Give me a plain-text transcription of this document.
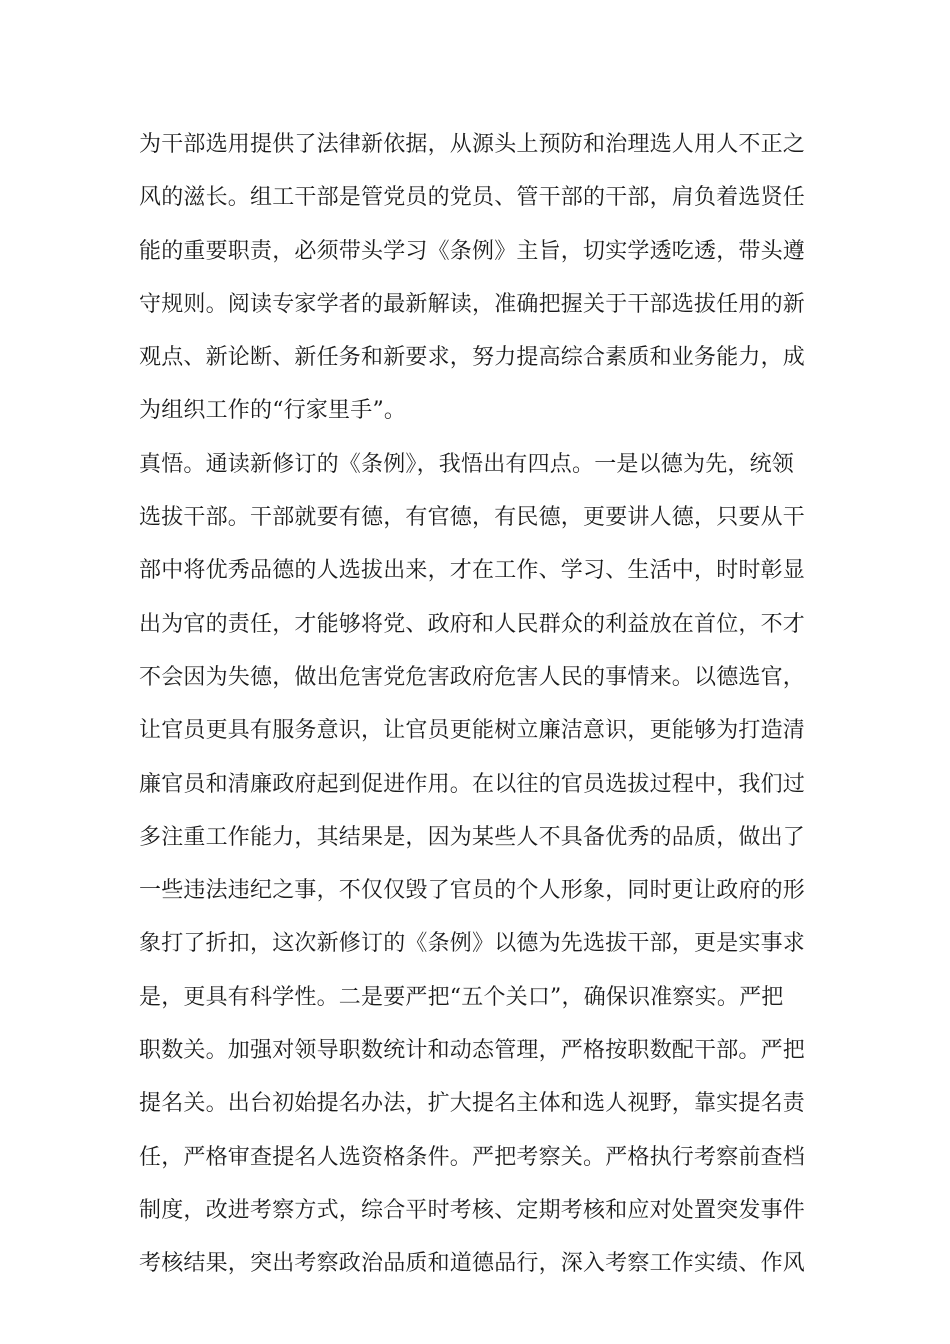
为干部选用提供了法律新依据，从源头上预防和治理选人用人不正之
风的滋长。组工干部是管党员的党员、管干部的干部，肩负着选贤任
能的重要职责，必须带头学习《条例》主旨，切实学透吃透，带头遵
守规则。阅读专家学者的最新解读，准确把握关于干部选拔任用的新
观点、新论断、新任务和新要求，努力提高综合素质和业务能力，成
为组织工作的“行家里手”。
真悟。通读新修订的《条例》，我悟出有四点。一是以德为先，统领
选拔干部。干部就要有德，有官德，有民德，更要讲人德，只要从干
部中将优秀品德的人选拔出来，才在工作、学习、生活中，时时彰显
出为官的责任，才能够将党、政府和人民群众的利益放在首位，不才
不会因为失德，做出危害党危害政府危害人民的事情来。以德选官，
让官员更具有服务意识，让官员更能树立廉洁意识，更能够为打造清
廉官员和清廉政府起到促进作用。在以往的官员选拔过程中，我们过
多注重工作能力，其结果是，因为某些人不具备优秀的品质，做出了
一些违法违纪之事，不仅仅毁了官员的个人形象，同时更让政府的形
象打了折扣，这次新修订的《条例》以德为先选拔干部，更是实事求
是，更具有科学性。二是要严把“五个关口”，确保识准察实。严把
职数关。加强对领导职数统计和动态管理，严格按职数配干部。严把
提名关。出台初始提名办法，扩大提名主体和选人视野，靠实提名责
任，严格审查提名人选资格条件。严把考察关。严格执行考察前查档
制度，改进考察方式，综合平时考核、定期考核和应对处置突发事件
考核结果，突出考察政治品质和道德品行，深入考察工作实绩、作风
